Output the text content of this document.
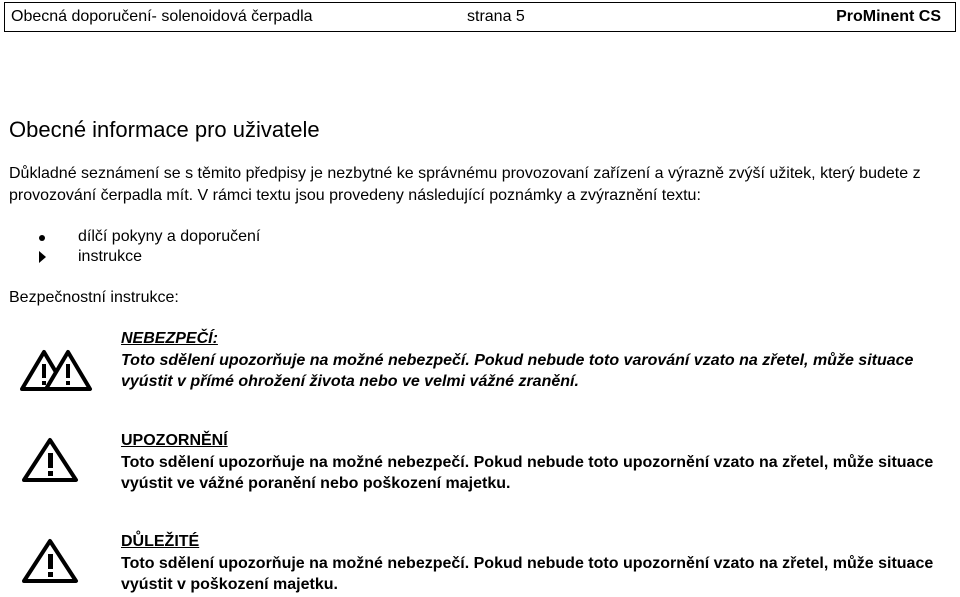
Obecná doporučení- solenoidová čerpadla	strana 5	ProMinent CS
Obecné informace pro uživatele
Důkladné seznámení se s těmito předpisy je nezbytné ke správnému provozovaní zařízení a výrazně zvýší užitek, který budete z provozování čerpadla mít. V rámci textu jsou provedeny následující poznámky a zvýraznění textu:
dílčí pokyny a doporučení
instrukce
Bezpečnostní instrukce:
NEBEZPEČÍ:
Toto sdělení upozorňuje na možné nebezpečí. Pokud nebude toto varování vzato na zřetel, může situace vyústit v přímé ohrožení života nebo ve velmi vážné zranění.
UPOZORNĚNÍ
Toto sdělení upozorňuje na možné nebezpečí. Pokud nebude toto upozornění vzato na zřetel, může situace vyústit ve vážné poranění nebo poškození majetku.
DŮLEŽITÉ
Toto sdělení upozorňuje na možné nebezpečí. Pokud nebude toto upozornění vzato na zřetel, může situace vyústit v poškození majetku.
